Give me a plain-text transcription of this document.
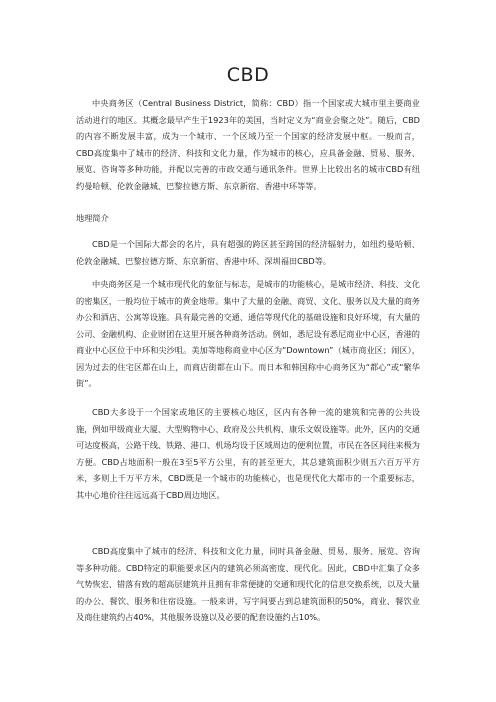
CBD

中央商务区（Central Business District，简称：CBD）指一个国家或大城市里主要商业活动进行的地区。其概念最早产生于1923年的美国，当时定义为“商业会聚之处”。随后，CBD的内容不断发展丰富，成为一个城市、一个区域乃至一个国家的经济发展中枢。一般而言，CBD高度集中了城市的经济、科技和文化力量，作为城市的核心，应具备金融、贸易、服务、展览、咨询等多种功能，并配以完善的市政交通与通讯条件。世界上比较出名的城市CBD有纽约曼哈顿、伦敦金融城、巴黎拉德方斯、东京新宿、香港中环等等。

地理简介

CBD是一个国际大都会的名片，具有超强的跨区甚至跨国的经济辐射力，如纽约曼哈顿、伦敦金融城、巴黎拉德方斯、东京新宿、香港中环、深圳福田CBD等。

中央商务区是一个城市现代化的象征与标志，是城市的功能核心，是城市经济、科技、文化的密集区，一般均位于城市的黄金地带。集中了大量的金融、商贸、文化、服务以及大量的商务办公和酒店、公寓等设施。具有最完善的交通、通信等现代化的基础设施和良好环境，有大量的公司、金融机构、企业财团在这里开展各种商务活动。例如，悉尼设有悉尼商业中心区，香港的商业中心区位于中环和尖沙咀。美加等地称商业中心区为“Downtown”（城市商业区；闹区），因为过去的住宅区都在山上，而商店街都在山下。而日本和韩国称中心商务区为“都心”或“繁华街”。

CBD大多设于一个国家或地区的主要核心地区，区内有各种一流的建筑和完善的公共设施，例如甲级商业大厦、大型购物中心、政府及公共机构、康乐文娱设施等。此外，区内的交通可达度极高，公路干线、铁路、港口、机场均设于区域周边的便利位置，市民在各区间往来极为方便。CBD占地面积一般在3至5平方公里，有的甚至更大，其总建筑面积少则五六百万平方米，多则上千万平方米，CBD既是一个城市的功能核心，也是现代化大都市的一个重要标志，其中心地价往往远远高于CBD周边地区。

CBD高度集中了城市的经济、科技和文化力量，同时具备金融、贸易、服务、展览、咨询等多种功能。CBD特定的职能要求区内的建筑必须高密度、现代化。因此，CBD中汇集了众多气势恢宏、错落有致的超高层建筑并且拥有非常便捷的交通和现代化的信息交换系统，以及大量的办公、餐饮、服务和住宿设施。一般来讲，写字间要占到总建筑面积的50%，商业、餐饮业及商住建筑约占40%，其他服务设施以及必要的配套设施约占10%。
